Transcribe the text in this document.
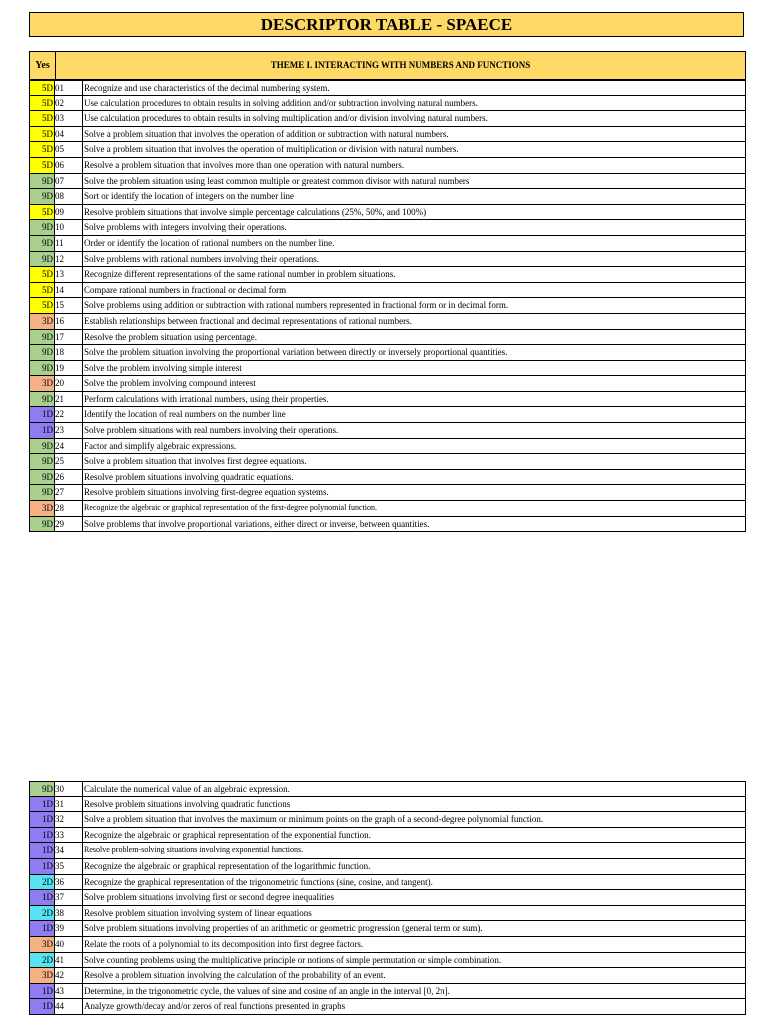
DESCRIPTOR TABLE - SPAECE
Yes	THEME I. INTERACTING WITH NUMBERS AND FUNCTIONS
5D 01	Recognize and use characteristics of the decimal numbering system.
5D 02	Use calculation procedures to obtain results in solving addition and/or subtraction involving natural numbers.
5D 03	Use calculation procedures to obtain results in solving multiplication and/or division involving natural numbers.
5D 04	Solve a problem situation that involves the operation of addition or subtraction with natural numbers.
5D 05	Solve a problem situation that involves the operation of multiplication or division with natural numbers.
5D 06	Resolve a problem situation that involves more than one operation with natural numbers.
9D 07	Solve the problem situation using least common multiple or greatest common divisor with natural numbers
9D 08	Sort or identify the location of integers on the number line
5D 09	Resolve problem situations that involve simple percentage calculations (25%, 50%, and 100%)
9D 10	Solve problems with integers involving their operations.
9D 11	Order or identify the location of rational numbers on the number line.
9D 12	Solve problems with rational numbers involving their operations.
5D 13	Recognize different representations of the same rational number in problem situations.
5D 14	Compare rational numbers in fractional or decimal form
5D 15	Solve problems using addition or subtraction with rational numbers represented in fractional form or in decimal form.
3D 16	Establish relationships between fractional and decimal representations of rational numbers.
9D 17	Resolve the problem situation using percentage.
9D 18	Solve the problem situation involving the proportional variation between directly or inversely proportional quantities.
9D 19	Solve the problem involving simple interest
3D 20	Solve the problem involving compound interest
9D 21	Perform calculations with irrational numbers, using their properties.
1D 22	Identify the location of real numbers on the number line
1D 23	Solve problem situations with real numbers involving their operations.
9D 24	Factor and simplify algebraic expressions.
9D 25	Solve a problem situation that involves first degree equations.
9D 26	Resolve problem situations involving quadratic equations.
9D 27	Resolve problem situations involving first-degree equation systems.
3D 28	Recognize the algebraic or graphical representation of the first-degree polynomial function.
9D 29	Solve problems that involve proportional variations, either direct or inverse, between quantities.
9D 30	Calculate the numerical value of an algebraic expression.
1D 31	Resolve problem situations involving quadratic functions
1D 32	Solve a problem situation that involves the maximum or minimum points on the graph of a second-degree polynomial function.
1D 33	Recognize the algebraic or graphical representation of the exponential function.
1D 34	Resolve problem-solving situations involving exponential functions.
1D 35	Recognize the algebraic or graphical representation of the logarithmic function.
2D 36	Recognize the graphical representation of the trigonometric functions (sine, cosine, and tangent).
1D 37	Solve problem situations involving first or second degree inequalities
2D 38	Resolve problem situation involving system of linear equations
1D 39	Solve problem situations involving properties of an arithmetic or geometric progression (general term or sum).
3D 40	Relate the roots of a polynomial to its decomposition into first degree factors.
2D 41	Solve counting problems using the multiplicative principle or notions of simple permutation or simple combination.
3D 42	Resolve a problem situation involving the calculation of the probability of an event.
1D 43	Determine, in the trigonometric cycle, the values of sine and cosine of an angle in the interval [0, 2π].
1D 44	Analyze growth/decay and/or zeros of real functions presented in graphs
